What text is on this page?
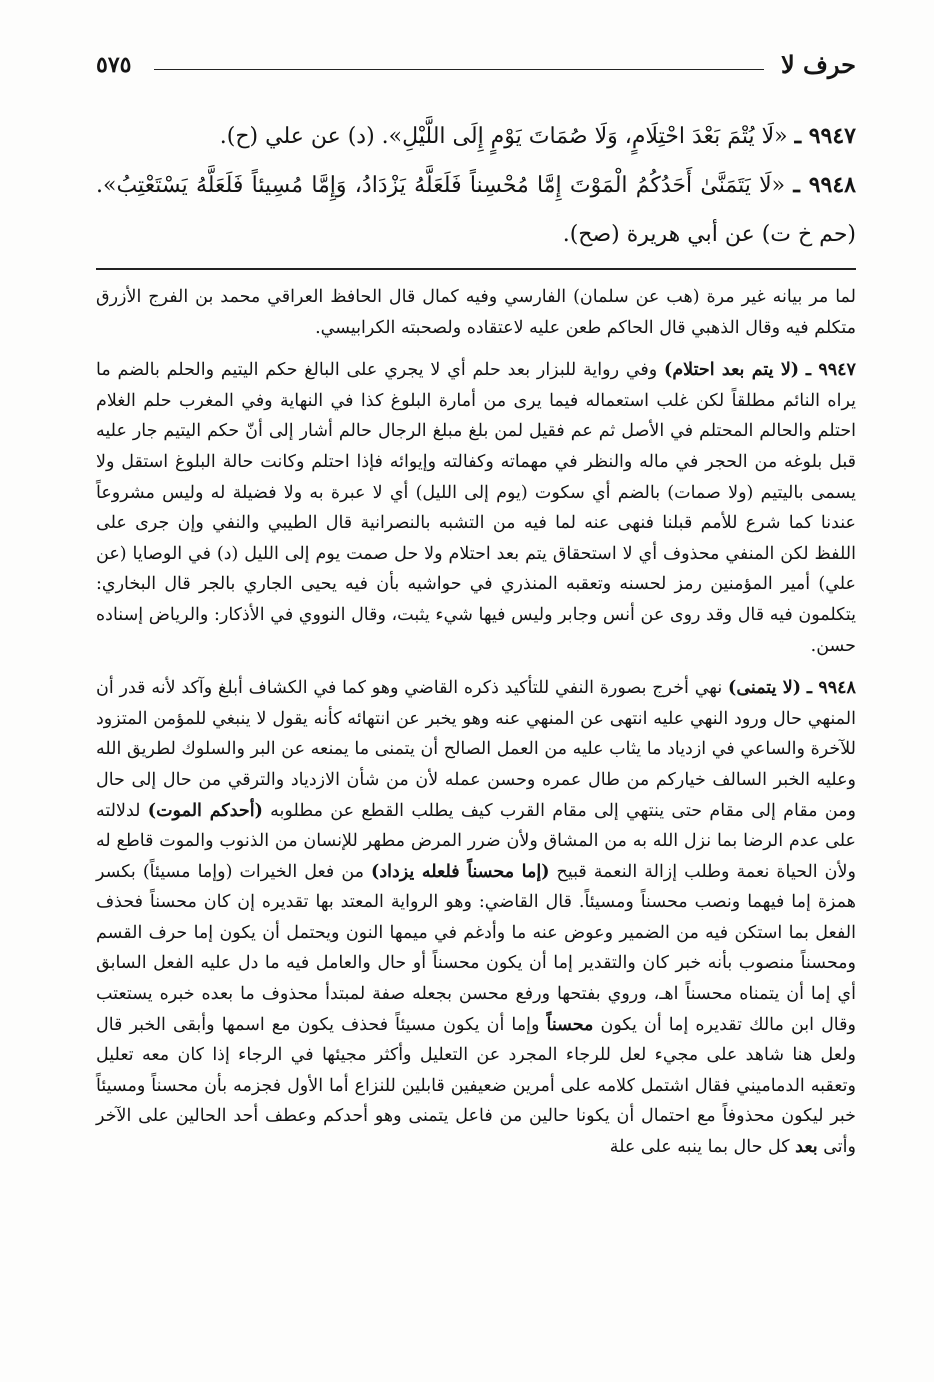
حرف لا
٥٧٥

٩٩٤٧ ـ «لَا يُتْمَ بَعْدَ احْتِلَامٍ، وَلَا صُمَاتَ يَوْمٍ إِلَى اللَّيْلِ». (د) عن علي (ح).

٩٩٤٨ ـ «لَا يَتَمَنَّىٰ أَحَدُكُمُ الْمَوْتَ إِمَّا مُحْسِناً فَلَعَلَّهُ يَزْدَادُ، وَإِمَّا مُسِيئاً فَلَعَلَّهُ يَسْتَعْتِبُ». (حم خ ت) عن أبي هريرة (صح).

لما مر بيانه غير مرة (هب عن سلمان) الفارسي وفيه كمال قال الحافظ العراقي محمد بن الفرج الأزرق متكلم فيه وقال الذهبي قال الحاكم طعن عليه لاعتقاده ولصحبته الكرابيسي.

٩٩٤٧ ـ (لا يتم بعد احتلام) وفي رواية للبزار بعد حلم أي لا يجري على البالغ حكم اليتيم والحلم بالضم ما يراه النائم مطلقاً لكن غلب استعماله فيما يرى من أمارة البلوغ كذا في النهاية وفي المغرب حلم الغلام احتلم والحالم المحتلم في الأصل ثم عم فقيل لمن بلغ مبلغ الرجال حالم أشار إلى أنّ حكم اليتيم جار عليه قبل بلوغه من الحجر في ماله والنظر في مهماته وكفالته وإيوائه فإذا احتلم وكانت حالة البلوغ استقل ولا يسمى باليتيم (ولا صمات) بالضم أي سكوت (يوم إلى الليل) أي لا عبرة به ولا فضيلة له وليس مشروعاً عندنا كما شرع للأمم قبلنا فنهى عنه لما فيه من التشبه بالنصرانية قال الطيبي والنفي وإن جرى على اللفظ لكن المنفي محذوف أي لا استحقاق يتم بعد احتلام ولا حل صمت يوم إلى الليل (د) في الوصايا (عن علي) أمير المؤمنين رمز لحسنه وتعقبه المنذري في حواشيه بأن فيه يحيى الجاري بالجر قال البخاري: يتكلمون فيه قال وقد روى عن أنس وجابر وليس فيها شيء يثبت، وقال النووي في الأذكار: والرياض إسناده حسن.

٩٩٤٨ ـ (لا يتمنى) نهي أخرج بصورة النفي للتأكيد ذكره القاضي وهو كما في الكشاف أبلغ وآكد لأنه قدر أن المنهي حال ورود النهي عليه انتهى عن المنهي عنه وهو يخبر عن انتهائه كأنه يقول لا ينبغي للمؤمن المتزود للآخرة والساعي في ازدياد ما يثاب عليه من العمل الصالح أن يتمنى ما يمنعه عن البر والسلوك لطريق الله وعليه الخبر السالف خياركم من طال عمره وحسن عمله لأن من شأن الازدياد والترقي من حال إلى حال ومن مقام إلى مقام حتى ينتهي إلى مقام القرب كيف يطلب القطع عن مطلوبه (أحدكم الموت) لدلالته على عدم الرضا بما نزل الله به من المشاق ولأن ضرر المرض مطهر للإنسان من الذنوب والموت قاطع له ولأن الحياة نعمة وطلب إزالة النعمة قبيح (إما محسناً فلعله يزداد) من فعل الخيرات (وإما مسيئاً) بكسر همزة إما فيهما ونصب محسناً ومسيئاً. قال القاضي: وهو الرواية المعتد بها تقديره إن كان محسناً فحذف الفعل بما استكن فيه من الضمير وعوض عنه ما وأدغم في ميمها النون ويحتمل أن يكون إما حرف القسم ومحسناً منصوب بأنه خبر كان والتقدير إما أن يكون محسناً أو حال والعامل فيه ما دل عليه الفعل السابق أي إما أن يتمناه محسناً اهـ، وروي بفتحها ورفع محسن بجعله صفة لمبتدأ محذوف ما بعده خبره يستعتب وقال ابن مالك تقديره إما أن يكون محسناً وإما أن يكون مسيئاً فحذف يكون مع اسمها وأبقى الخبر قال ولعل هنا شاهد على مجيء لعل للرجاء المجرد عن التعليل وأكثر مجيئها في الرجاء إذا كان معه تعليل وتعقبه الدماميني فقال اشتمل كلامه على أمرين ضعيفين قابلين للنزاع أما الأول فجزمه بأن محسناً ومسيئاً خبر ليكون محذوفاً مع احتمال أن يكونا حالين من فاعل يتمنى وهو أحدكم وعطف أحد الحالين على الآخر وأتى بعد كل حال بما ينبه على علة
